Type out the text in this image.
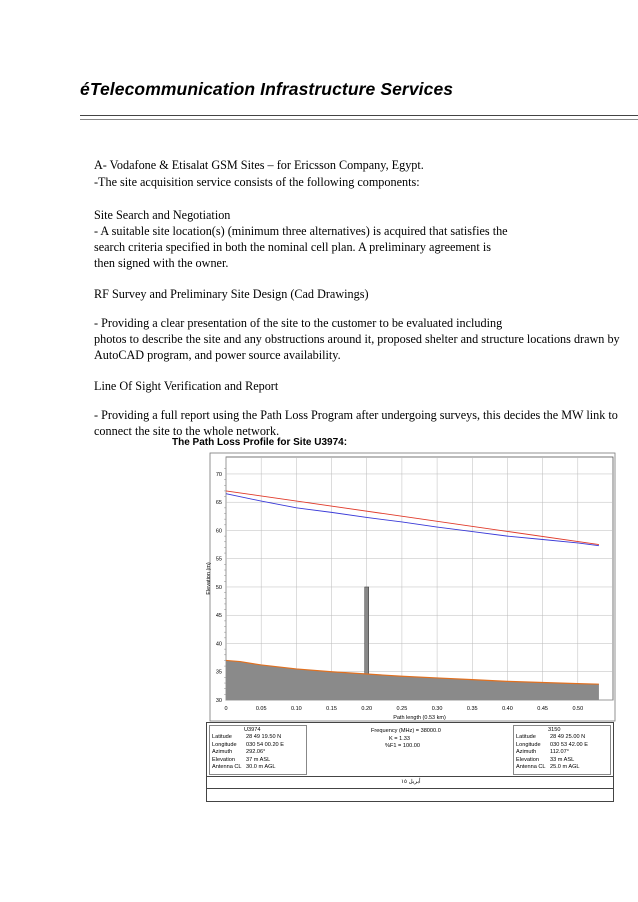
éTelecommunication Infrastructure Services
A- Vodafone & Etisalat GSM Sites – for Ericsson Company, Egypt.
-The site acquisition service consists of the following components:
Site Search and Negotiation
- A suitable site location(s) (minimum three alternatives) is acquired that satisfies the
search criteria specified in both the nominal cell plan. A preliminary agreement is
then signed with the owner.
RF Survey and Preliminary Site Design (Cad Drawings)
- Providing a clear presentation of the site to the customer to be evaluated including
photos to describe the site and any obstructions around it, proposed shelter and structure locations drawn by
AutoCAD program, and power source availability.
Line Of Sight Verification and Report
- Providing a full report using the Path Loss Program after undergoing surveys, this decides the MW link to
connect the site to the whole network.
The Path Loss Profile for Site U3974:
0	0.05	0.10	0.15	0.20	0.25	0.30	0.35	0.40	0.45	0.50
30
35
40
45
50
55
60
65
70
Path length (0.53 km)
Elevation (m)
U3974
Latitude	28 49 19.50 N
Longitude 030 54 00.20 E
Azimuth 292.06°
Elevation 37 m ASL
Antenna CL 30.0 m AGL
Frequency (MHz) = 38000.0
K = 1.33
%F1 = 100.00
3150
Latitude	28 49 25.00 N
Longitude 030 53 42.00 E
Azimuth 112.07°
Elevation 33 m ASL
Antenna CL 25.0 m AGL
أبريل ١٥
